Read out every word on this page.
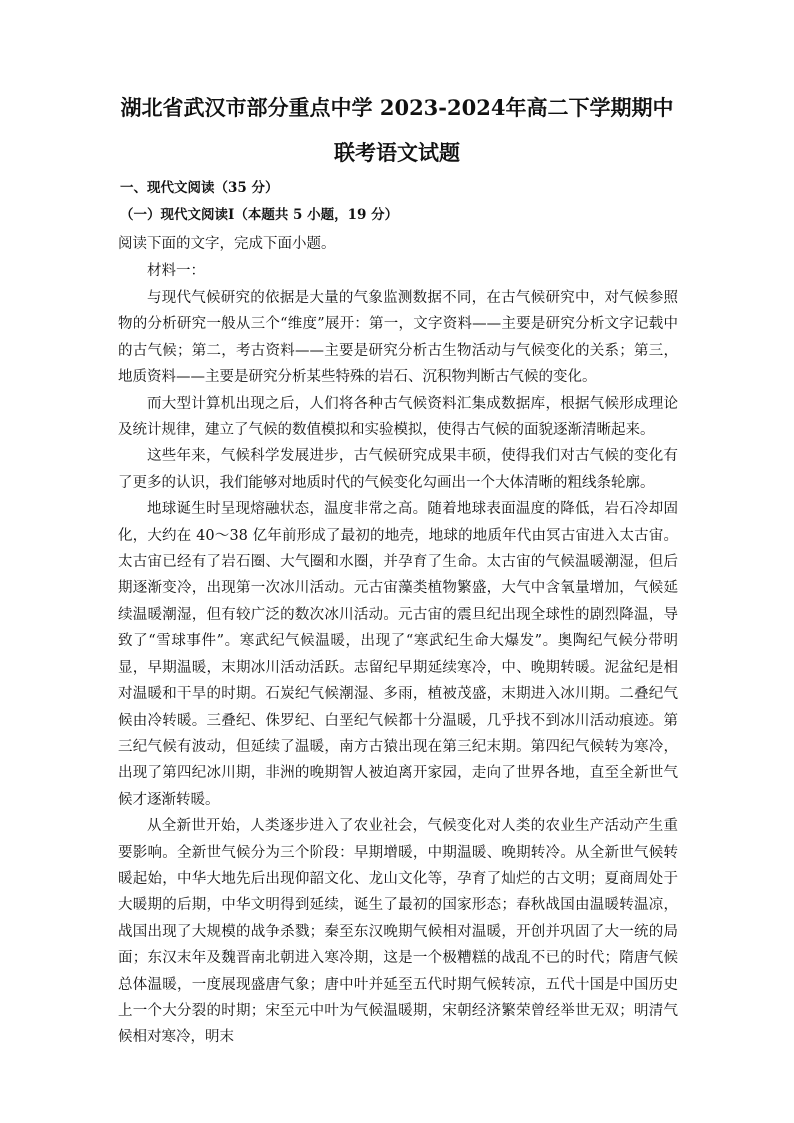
湖北省武汉市部分重点中学 2023-2024年高二下学期期中
联考语文试题
一、现代文阅读（35 分）
（一）现代文阅读Ⅰ（本题共 5 小题，19 分）
阅读下面的文字，完成下面小题。
材料一：

与现代气候研究的依据是大量的气象监测数据不同，在古气候研究中，对气候参照物的分析研究一般从三个“维度”展开：第一，文字资料——主要是研究分析文字记载中的古气候；第二，考古资料——主要是研究分析古生物活动与气候变化的关系；第三，地质资料——主要是研究分析某些特殊的岩石、沉积物判断古气候的变化。

而大型计算机出现之后，人们将各种古气候资料汇集成数据库，根据气候形成理论及统计规律，建立了气候的数值模拟和实验模拟，使得古气候的面貌逐渐清晰起来。

这些年来，气候科学发展进步，古气候研究成果丰硕，使得我们对古气候的变化有了更多的认识，我们能够对地质时代的气候变化勾画出一个大体清晰的粗线条轮廓。

地球诞生时呈现熔融状态，温度非常之高。随着地球表面温度的降低，岩石冷却固化，大约在 40～38 亿年前形成了最初的地壳，地球的地质年代由冥古宙进入太古宙。太古宙已经有了岩石圈、大气圈和水圈，并孕育了生命。太古宙的气候温暖潮湿，但后期逐渐变冷，出现第一次冰川活动。元古宙藻类植物繁盛，大气中含氧量增加，气候延续温暖潮湿，但有较广泛的数次冰川活动。元古宙的震旦纪出现全球性的剧烈降温，导致了“雪球事件”。寒武纪气候温暖，出现了“寒武纪生命大爆发”。奥陶纪气候分带明显，早期温暖，末期冰川活动活跃。志留纪早期延续寒冷，中、晚期转暖。泥盆纪是相对温暖和干旱的时期。石炭纪气候潮湿、多雨，植被茂盛，末期进入冰川期。二叠纪气候由冷转暖。三叠纪、侏罗纪、白垩纪气候都十分温暖，几乎找不到冰川活动痕迹。第三纪气候有波动，但延续了温暖，南方古猿出现在第三纪末期。第四纪气候转为寒冷，出现了第四纪冰川期，非洲的晚期智人被迫离开家园，走向了世界各地，直至全新世气候才逐渐转暖。

从全新世开始，人类逐步进入了农业社会，气候变化对人类的农业生产活动产生重要影响。全新世气候分为三个阶段：早期增暖，中期温暖、晚期转冷。从全新世气候转暖起始，中华大地先后出现仰韶文化、龙山文化等，孕育了灿烂的古文明；夏商周处于大暖期的后期，中华文明得到延续，诞生了最初的国家形态；春秋战国由温暖转温凉，战国出现了大规模的战争杀戮；秦至东汉晚期气候相对温暖，开创并巩固了大一统的局面；东汉末年及魏晋南北朝进入寒冷期，这是一个极糟糕的战乱不已的时代；隋唐气候总体温暖，一度展现盛唐气象；唐中叶并延至五代时期气候转凉，五代十国是中国历史上一个大分裂的时期；宋至元中叶为气候温暖期，宋朝经济繁荣曾经举世无双；明清气候相对寒冷，明末
